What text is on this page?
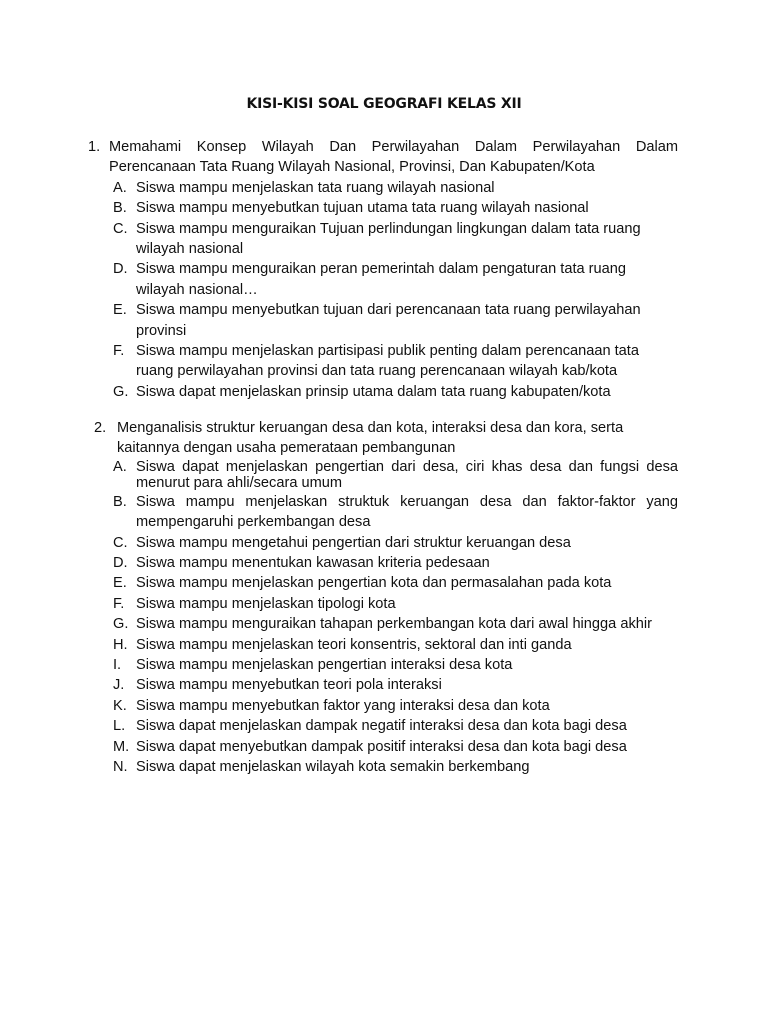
KISI-KISI SOAL GEOGRAFI KELAS XII
1. Memahami Konsep Wilayah Dan Perwilayahan Dalam Perwilayahan Dalam Perencanaan Tata Ruang Wilayah Nasional, Provinsi, Dan Kabupaten/Kota
A. Siswa mampu menjelaskan tata ruang wilayah nasional
B. Siswa mampu menyebutkan tujuan utama tata ruang wilayah nasional
C. Siswa mampu menguraikan Tujuan perlindungan lingkungan dalam tata ruang wilayah nasional
D. Siswa mampu menguraikan peran pemerintah dalam pengaturan tata ruang wilayah nasional…
E. Siswa mampu menyebutkan tujuan dari perencanaan tata ruang perwilayahan provinsi
F. Siswa mampu menjelaskan partisipasi publik penting dalam perencanaan tata ruang perwilayahan provinsi dan tata ruang perencanaan wilayah kab/kota
G. Siswa dapat menjelaskan prinsip utama dalam tata ruang kabupaten/kota
2. Menganalisis struktur keruangan desa dan kota, interaksi desa dan kora, serta kaitannya dengan usaha pemerataan pembangunan
A. Siswa dapat menjelaskan pengertian dari desa, ciri khas desa dan fungsi desa menurut para ahli/secara umum
B. Siswa mampu menjelaskan struktuk keruangan desa dan faktor-faktor yang mempengaruhi perkembangan desa
C. Siswa mampu mengetahui pengertian dari struktur keruangan desa
D. Siswa mampu menentukan kawasan kriteria pedesaan
E. Siswa mampu menjelaskan pengertian kota dan permasalahan pada kota
F. Siswa mampu menjelaskan tipologi kota
G. Siswa mampu menguraikan tahapan perkembangan kota dari awal hingga akhir
H. Siswa mampu menjelaskan teori konsentris, sektoral dan inti ganda
I. Siswa mampu menjelaskan pengertian interaksi desa kota
J. Siswa mampu menyebutkan teori pola interaksi
K. Siswa mampu menyebutkan faktor yang interaksi desa dan kota
L. Siswa dapat menjelaskan dampak negatif interaksi desa dan kota bagi desa
M. Siswa dapat menyebutkan dampak positif interaksi desa dan kota bagi desa
N. Siswa dapat menjelaskan wilayah kota semakin berkembang
